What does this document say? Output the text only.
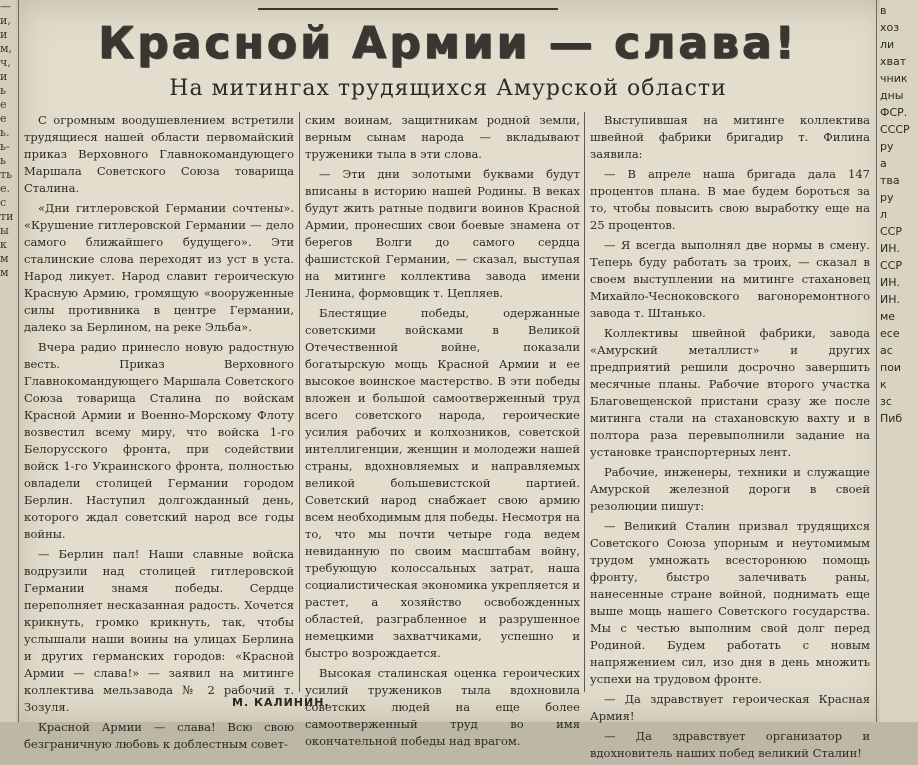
—
и,
и
м,
ч,
и
ь
е
е
ь.
ь-
ь
ть
е.
с
ти
ы
к
м
м
в
хоз
ли
хват
чник
дны
ФСР.
СССР
ру
а
тва
ру
л
ССР
ИН.
ССР
ИН.
ИН.
ме
есе
ас
пои
к
зс
Пиб
Красной Армии — слава!
На митингах трудящихся Амурской области

С огромным воодушевлением встретили трудящиеся нашей области первомайский приказ Верховного Главнокомандующего Маршала Советского Союза товарища Сталина.

«Дни гитлеровской Германии сочтены». «Крушение гитлеровской Германии — дело самого ближайшего будущего». Эти сталинские слова переходят из уст в уста. Народ ликует. Народ славит героическую Красную Армию, громящую «вооруженные силы противника в центре Германии, далеко за Берлином, на реке Эльба».

Вчера радио принесло новую радостную весть. Приказ Верховного Главнокомандующего Маршала Советского Союза товарища Сталина по войскам Красной Армии и Военно-Морскому Флоту возвестил всему миру, что войска 1-го Белорусского фронта, при содействии войск 1-го Украинского фронта, полностью овладели столицей Германии городом Берлин. Наступил долгожданный день, которого ждал советский народ все годы войны.

— Берлин пал! Наши славные войска водрузили над столицей гитлеровской Германии знамя победы. Сердце переполняет несказанная радость. Хочется крикнуть, громко крикнуть, так, чтобы услышали наши воины на улицах Берлина и других германских городов: «Красной Армии — слава!» — заявил на митинге коллектива мельзавода № 2 рабочий т. Зозуля.

Красной Армии — слава! Всю свою безграничную любовь к доблестным совет-

ским воинам, защитникам родной земли, верным сынам народа — вкладывают труженики тыла в эти слова.

— Эти дни золотыми буквами будут вписаны в историю нашей Родины. В веках будут жить ратные подвиги воинов Красной Армии, пронесших свои боевые знамена от берегов Волги до самого сердца фашистской Германии, — сказал, выступая на митинге коллектива завода имени Ленина, формовщик т. Цепляев.

Блестящие победы, одержанные советскими войсками в Великой Отечественной войне, показали богатырскую мощь Красной Армии и ее высокое воинское мастерство. В эти победы вложен и большой самоотверженный труд всего советского народа, героические усилия рабочих и колхозников, советской интеллигенции, женщин и молодежи нашей страны, вдохновляемых и направляемых великой большевистской партией. Советский народ снабжает свою армию всем необходимым для победы. Несмотря на то, что мы почти четыре года ведем невиданную по своим масштабам войну, требующую колоссальных затрат, наша социалистическая экономика укрепляется и растет, а хозяйство освобожденных областей, разграбленное и разрушенное немецкими захватчиками, успешно и быстро возрождается.

Высокая сталинская оценка героических усилий тружеников тыла вдохновила советских людей на еще более самоотверженный труд во имя окончательной победы над врагом.

Выступившая на митинге коллектива швейной фабрики бригадир т. Филина заявила:

— В апреле наша бригада дала 147 процентов плана. В мае будем бороться за то, чтобы повысить свою выработку еще на 25 процентов.

— Я всегда выполнял две нормы в смену. Теперь буду работать за троих, — сказал в своем выступлении на митинге стахановец Михайло-Чесноковского вагоноремонтного завода т. Штанько.

Коллективы швейной фабрики, завода «Амурский металлист» и других предприятий решили досрочно завершить месячные планы. Рабочие второго участка Благовещенской пристани сразу же после митинга стали на стахановскую вахту и в полтора раза перевыполнили задание на установке транспортерных лент.

Рабочие, инженеры, техники и служащие Амурской железной дороги в своей резолюции пишут:

— Великий Сталин призвал трудящихся Советского Союза упорным и неутомимым трудом умножать всесторонюю помощь фронту, быстро залечивать раны, нанесенные стране войной, поднимать еще выше мощь нашего Советского государства. Мы с честью выполним свой долг перед Родиной. Будем работать с новым напряжением сил, изо дня в день множить успехи на трудовом фронте.

— Да здравствует героическая Красная Армия!

— Да здравствует организатор и вдохновитель наших побед великий Сталин!

М. КАЛИНИН.
